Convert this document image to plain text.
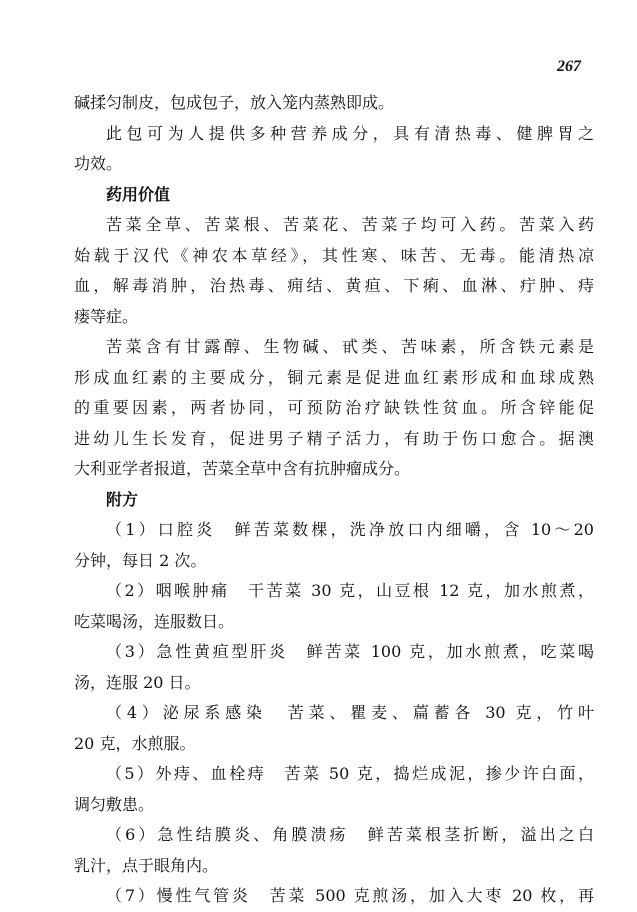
267
碱揉匀制皮，包成包子，放入笼内蒸熟即成。
此包可为人提供多种营养成分，具有清热毒、健脾胃之
功效。
药用价值
苦菜全草、苦菜根、苦菜花、苦菜子均可入药。苦菜入药
始载于汉代《神农本草经》，其性寒、味苦、无毒。能清热凉
血，解毒消肿，治热毒、痈结、黄疸、下痢、血淋、疔肿、痔
瘘等症。
苦菜含有甘露醇、生物碱、甙类、苦味素，所含铁元素是
形成血红素的主要成分，铜元素是促进血红素形成和血球成熟
的重要因素，两者协同，可预防治疗缺铁性贫血。所含锌能促
进幼儿生长发育，促进男子精子活力，有助于伤口愈合。据澳
大利亚学者报道，苦菜全草中含有抗肿瘤成分。
附方
（1）口腔炎　鲜苦菜数棵，洗净放口内细嚼，含 10～20
分钟，每日 2 次。
（2）咽喉肿痛　干苦菜 30 克，山豆根 12 克，加水煎煮，
吃菜喝汤，连服数日。
（3）急性黄疸型肝炎　鲜苦菜 100 克，加水煎煮，吃菜喝
汤，连服 20 日。
（4）泌尿系感染　苦菜、瞿麦、萹蓄各 30 克，竹叶
20 克，水煎服。
（5）外痔、血栓痔　苦菜 50 克，捣烂成泥，掺少许白面，
调匀敷患。
（6）急性结膜炎、角膜溃疡　鲜苦菜根茎折断，溢出之白
乳汁，点于眼角内。
（7）慢性气管炎　苦菜 500 克煎汤，加入大枣 20 枚，再
